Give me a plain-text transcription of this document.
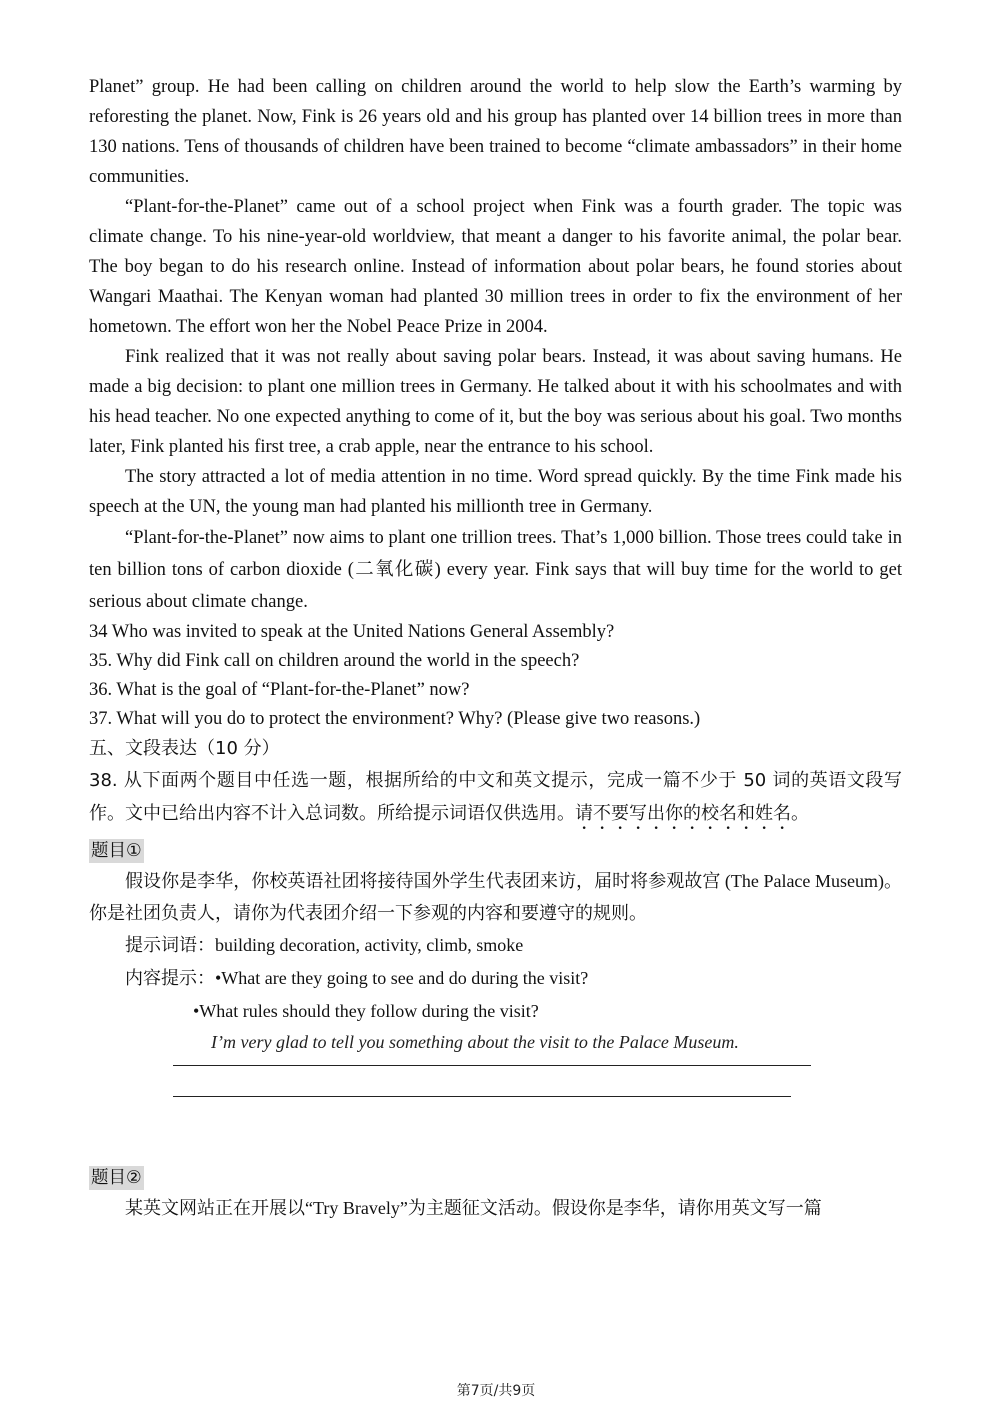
Planet” group. He had been calling on children around the world to help slow the Earth’s warming by reforesting the planet. Now, Fink is 26 years old and his group has planted over 14 billion trees in more than 130 nations. Tens of thousands of children have been trained to become “climate ambassadors” in their home communities.

“Plant-for-the-Planet” came out of a school project when Fink was a fourth grader. The topic was climate change. To his nine-year-old worldview, that meant a danger to his favorite animal, the polar bear. The boy began to do his research online. Instead of information about polar bears, he found stories about Wangari Maathai. The Kenyan woman had planted 30 million trees in order to fix the environment of her hometown. The effort won her the Nobel Peace Prize in 2004.

Fink realized that it was not really about saving polar bears. Instead, it was about saving humans. He made a big decision: to plant one million trees in Germany. He talked about it with his schoolmates and with his head teacher. No one expected anything to come of it, but the boy was serious about his goal. Two months later, Fink planted his first tree, a crab apple, near the entrance to his school.

The story attracted a lot of media attention in no time. Word spread quickly. By the time Fink made his speech at the UN, the young man had planted his millionth tree in Germany.

“Plant-for-the-Planet” now aims to plant one trillion trees. That’s 1,000 billion. Those trees could take in ten billion tons of carbon dioxide (二氧化碳) every year. Fink says that will buy time for the world to get serious about climate change.

34 Who was invited to speak at the United Nations General Assembly?

35. Why did Fink call on children around the world in the speech?

36. What is the goal of “Plant-for-the-Planet” now?

37. What will you do to protect the environment? Why? (Please give two reasons.)

五、文段表达（10 分）

38. 从下面两个题目中任选一题，根据所给的中文和英文提示，完成一篇不少于 50 词的英语文段写作。文中已给出内容不计入总词数。所给提示词语仅供选用。请不要写出你的校名和姓名。

题目①

假设你是李华，你校英语社团将接待国外学生代表团来访，届时将参观故宫 (The Palace Museum)。你是社团负责人，请你为代表团介绍一下参观的内容和要遵守的规则。

提示词语：building decoration, activity, climb, smoke

内容提示：•What are they going to see and do during the visit?

•What rules should they follow during the visit?

I’m very glad to tell you something about the visit to the Palace Museum.

题目②

某英文网站正在开展以“Try Bravely”为主题征文活动。假设你是李华，请你用英文写一篇

第7页/共9页
